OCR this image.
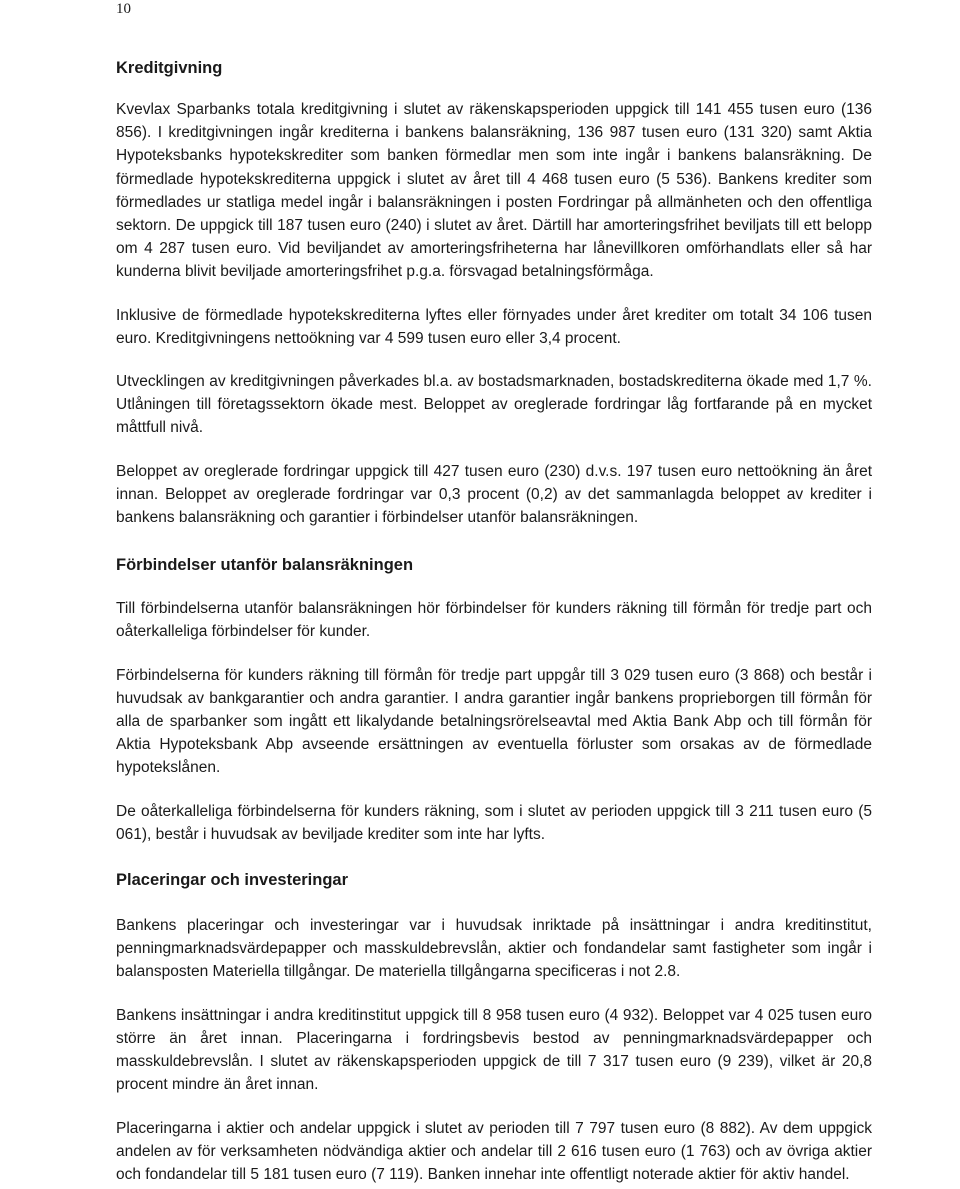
10
Kreditgivning

Kvevlax Sparbanks totala kreditgivning i slutet av räkenskapsperioden uppgick till 141 455 tusen euro (136 856). I kreditgivningen ingår krediterna i bankens balansräkning, 136 987 tusen euro (131 320) samt Aktia Hypoteksbanks hypotekskrediter som banken förmedlar men som inte ingår i bankens balansräkning. De förmedlade hypotekskrediterna uppgick i slutet av året till 4 468 tusen euro (5 536). Bankens krediter som förmedlades ur statliga medel ingår i balansräkningen i posten Fordringar på allmänheten och den offentliga sektorn. De uppgick till 187 tusen euro (240) i slutet av året. Därtill har amorteringsfrihet beviljats till ett belopp om 4 287 tusen euro. Vid beviljandet av amorteringsfriheterna har lånevillkoren omförhandlats eller så har kunderna blivit beviljade amorteringsfrihet p.g.a. försvagad betalningsförmåga.

Inklusive de förmedlade hypotekskrediterna lyftes eller förnyades under året krediter om totalt 34 106 tusen euro. Kreditgivningens nettoökning var 4 599 tusen euro eller 3,4 procent.

Utvecklingen av kreditgivningen påverkades bl.a. av bostadsmarknaden, bostadskrediterna ökade med 1,7 %. Utlåningen till företagssektorn ökade mest. Beloppet av oreglerade fordringar låg fortfarande på en mycket måttfull nivå.

Beloppet av oreglerade fordringar uppgick till 427 tusen euro (230) d.v.s. 197 tusen euro nettoökning än året innan. Beloppet av oreglerade fordringar var 0,3 procent (0,2) av det sammanlagda beloppet av krediter i bankens balansräkning och garantier i förbindelser utanför balansräkningen.

Förbindelser utanför balansräkningen

Till förbindelserna utanför balansräkningen hör förbindelser för kunders räkning till förmån för tredje part och oåterkalleliga förbindelser för kunder.

Förbindelserna för kunders räkning till förmån för tredje part uppgår till 3 029 tusen euro (3 868) och består i huvudsak av bankgarantier och andra garantier. I andra garantier ingår bankens proprieborgen till förmån för alla de sparbanker som ingått ett likalydande betalningsrörelseavtal med Aktia Bank Abp och till förmån för Aktia Hypoteksbank Abp avseende ersättningen av eventuella förluster som orsakas av de förmedlade hypotekslånen.

De oåterkalleliga förbindelserna för kunders räkning, som i slutet av perioden uppgick till 3 211 tusen euro (5 061), består i huvudsak av beviljade krediter som inte har lyfts.

Placeringar och investeringar

Bankens placeringar och investeringar var i huvudsak inriktade på insättningar i andra kreditinstitut, penningmarknadsvärdepapper och masskuldebrevslån, aktier och fondandelar samt fastigheter som ingår i balansposten Materiella tillgångar. De materiella tillgångarna specificeras i not 2.8.

Bankens insättningar i andra kreditinstitut uppgick till 8 958 tusen euro (4 932). Beloppet var 4 025 tusen euro större än året innan. Placeringarna i fordringsbevis bestod av penningmarknadsvärdepapper och masskuldebrevslån. I slutet av räkenskapsperioden uppgick de till 7 317 tusen euro (9 239), vilket är 20,8 procent mindre än året innan.

Placeringarna i aktier och andelar uppgick i slutet av perioden till 7 797 tusen euro (8 882). Av dem uppgick andelen av för verksamheten nödvändiga aktier och andelar till 2 616 tusen euro (1 763) och av övriga aktier och fondandelar till 5 181 tusen euro (7 119). Banken innehar inte offentligt noterade aktier för aktiv handel.
